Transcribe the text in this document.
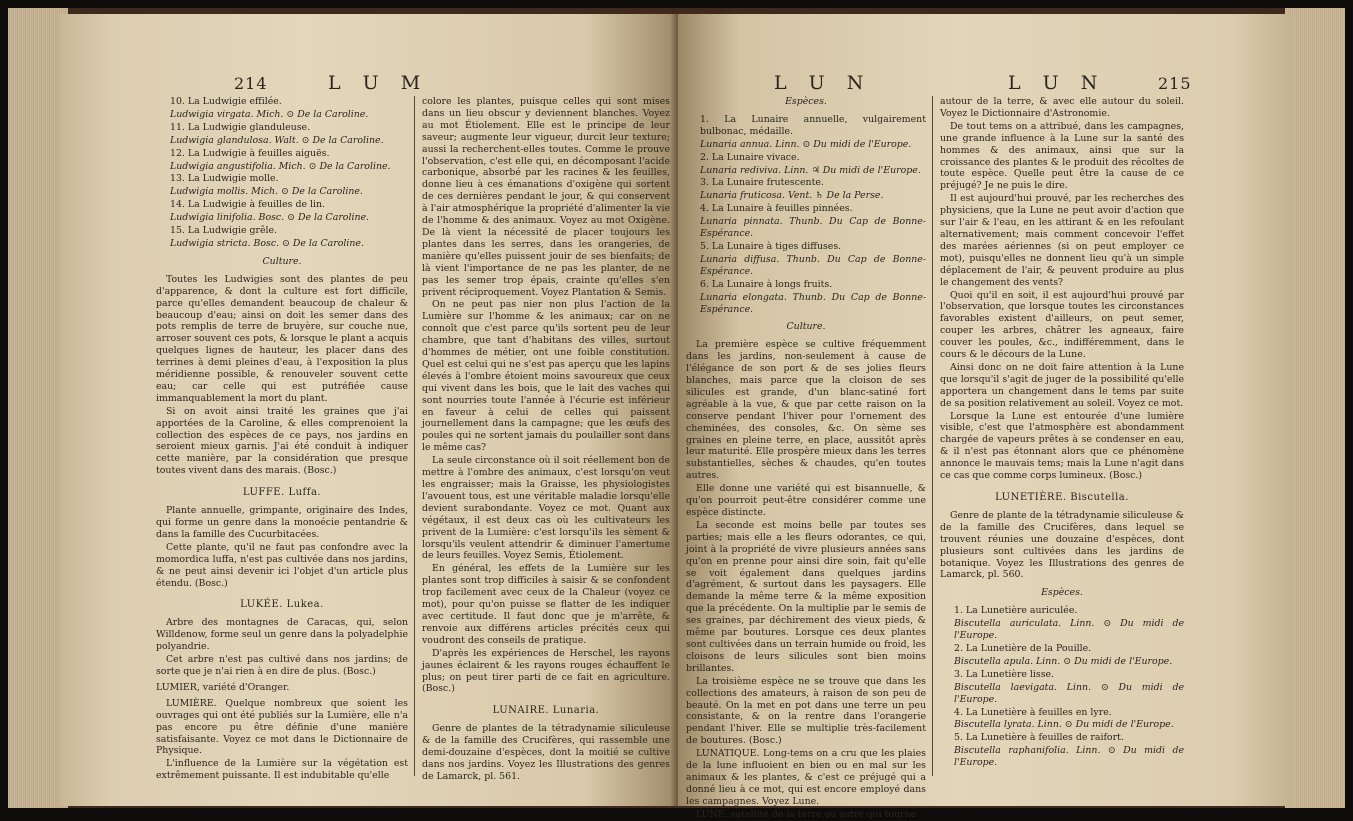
214	L U M

10. La Ludwigie effilée.

Ludwigia virgata. Mich. ⊙ De la Caroline.

11. La Ludwigie glanduleuse.

Ludwigia glandulosa. Walt. ⊙ De la Caroline.

12. La Ludwigie à feuilles aiguës.

Ludwigia angustifolia. Mich. ⊙ De la Caroline.

13. La Ludwigie molle.

Ludwigia mollis. Mich. ⊙ De la Caroline.

14. La Ludwigie à feuilles de lin.

Ludwigia linifolia. Bosc. ⊙ De la Caroline.

15. La Ludwigie grêle.

Ludwigia stricta. Bosc. ⊙ De la Caroline.

Culture.

Toutes les Ludwigies sont des plantes de peu d'apparence, & dont la culture est fort difficile, parce qu'elles demandent beaucoup de chaleur & beaucoup d'eau; ainsi on doit les semer dans des pots remplis de terre de bruyère, sur couche nue, arroser souvent ces pots, & lorsque le plant a acquis quelques lignes de hauteur, les placer dans des terrines à demi pleines d'eau, à l'exposition la plus méridienne possible, & renouveler souvent cette eau; car celle qui est putréfiée cause immanquablement la mort du plant.

Si on avoit ainsi traité les graines que j'ai apportées de la Caroline, & elles comprenoient la collection des espèces de ce pays, nos jardins en seroient mieux garnis. J'ai été conduit à indiquer cette manière, par la considération que presque toutes vivent dans des marais. (Bosc.)

LUFFE. Luffa.

Plante annuelle, grimpante, originaire des Indes, qui forme un genre dans la monoécie pentandrie & dans la famille des Cucurbitacées.

Cette plante, qu'il ne faut pas confondre avec la momordica luffa, n'est pas cultivée dans nos jardins, & ne peut ainsi devenir ici l'objet d'un article plus étendu. (Bosc.)

LUKÉE. Lukea.

Arbre des montagnes de Caracas, qui, selon Willdenow, forme seul un genre dans la polyadelphie polyandrie.

Cet arbre n'est pas cultivé dans nos jardins; de sorte que je n'ai rien à en dire de plus. (Bosc.)

LUMIER, variété d'Oranger.

LUMIÈRE. Quelque nombreux que soient les ouvrages qui ont été publiés sur la Lumière, elle n'a pas encore pu être définie d'une manière satisfaisante. Voyez ce mot dans le Dictionnaire de Physique.

L'influence de la Lumière sur la végétation est extrêmement puissante. Il est indubitable qu'elle

colore les plantes, puisque celles qui sont mises dans un lieu obscur y deviennent blanches. Voyez au mot Étiolement. Elle est le principe de leur saveur; augmente leur vigueur, durcit leur texture; aussi la recherchent-elles toutes. Comme le prouve l'observation, c'est elle qui, en décomposant l'acide carbonique, absorbé par les racines & les feuilles, donne lieu à ces émanations d'oxigène qui sortent de ces dernières pendant le jour, & qui conservent à l'air atmosphérique la propriété d'alimenter la vie de l'homme & des animaux. Voyez au mot Oxigène. De là vient la nécessité de placer toujours les plantes dans les serres, dans les orangeries, de manière qu'elles puissent jouir de ses bienfaits; de là vient l'importance de ne pas les planter, de ne pas les semer trop épais, crainte qu'elles s'en privent réciproquement. Voyez Plantation & Semis.

On ne peut pas nier non plus l'action de la Lumière sur l'homme & les animaux; car on ne connoît que c'est parce qu'ils sortent peu de leur chambre, que tant d'habitans des villes, surtout d'hommes de métier, ont une foible constitution. Quel est celui qui ne s'est pas aperçu que les lapins élevés à l'ombre étoient moins savoureux que ceux qui vivent dans les bois, que le lait des vaches qui sont nourries toute l'année à l'écurie est inférieur en faveur à celui de celles qui paissent journellement dans la campagne; que les œufs des poules qui ne sortent jamais du poulailler sont dans le même cas?

La seule circonstance où il soit réellement bon de mettre à l'ombre des animaux, c'est lorsqu'on veut les engraisser; mais la Graisse, les physiologistes l'avouent tous, est une véritable maladie lorsqu'elle devient surabondante. Voyez ce mot. Quant aux végétaux, il est deux cas où les cultivateurs les privent de la Lumière: c'est lorsqu'ils les sèment & lorsqu'ils veulent attendrir & diminuer l'amertume de leurs feuilles. Voyez Semis, Étiolement.

En général, les effets de la Lumière sur les plantes sont trop difficiles à saisir & se confondent trop facilement avec ceux de la Chaleur (voyez ce mot), pour qu'on puisse se flatter de les indiquer avec certitude. Il faut donc que je m'arrête, & renvoie aux différens articles précités ceux qui voudront des conseils de pratique.

D'après les expériences de Herschel, les rayons jaunes éclairent & les rayons rouges échauffent le plus; on peut tirer parti de ce fait en agriculture. (Bosc.)

LUNAIRE. Lunaria.

Genre de plantes de la tétradynamie siliculeuse & de la famille des Crucifères, qui rassemble une demi-douzaine d'espèces, dont la moitié se cultive dans nos jardins. Voyez les Illustrations des genres de Lamarck, pl. 561.

L U N	L U N	215

Espèces.

1. La Lunaire annuelle, vulgairement bulbonac, médaille.

Lunaria annua. Linn. ⊙ Du midi de l'Europe.

2. La Lunaire vivace.

Lunaria rediviva. Linn. ♃ Du midi de l'Europe.

3. La Lunaire frutescente.

Lunaria fruticosa. Vent. ♄ De la Perse.

4. La Lunaire à feuilles pinnées.

Lunaria pinnata. Thunb. Du Cap de Bonne-Espérance.

5. La Lunaire à tiges diffuses.

Lunaria diffusa. Thunb. Du Cap de Bonne-Espérance.

6. La Lunaire à longs fruits.

Lunaria elongata. Thunb. Du Cap de Bonne-Espérance.

Culture.

La première espèce se cultive fréquemment dans les jardins, non-seulement à cause de l'élégance de son port & de ses jolies fleurs blanches, mais parce que la cloison de ses silicules est grande, d'un blanc-satiné fort agréable à la vue, & que par cette raison on la conserve pendant l'hiver pour l'ornement des cheminées, des consoles, &c. On sème ses graines en pleine terre, en place, aussitôt après leur maturité. Elle prospère mieux dans les terres substantielles, sèches & chaudes, qu'en toutes autres.

Elle donne une variété qui est bisannuelle, & qu'on pourroit peut-être considérer comme une espèce distincte.

La seconde est moins belle par toutes ses parties; mais elle a les fleurs odorantes, ce qui, joint à la propriété de vivre plusieurs années sans qu'on en prenne pour ainsi dire soin, fait qu'elle se voit également dans quelques jardins d'agrément, & surtout dans les paysagers. Elle demande la même terre & la même exposition que la précédente. On la multiplie par le semis de ses graines, par déchirement des vieux pieds, & même par boutures. Lorsque ces deux plantes sont cultivées dans un terrain humide ou froid, les cloisons de leurs silicules sont bien moins brillantes.

La troisième espèce ne se trouve que dans les collections des amateurs, à raison de son peu de beauté. On la met en pot dans une terre un peu consistante, & on la rentre dans l'orangerie pendant l'hiver. Elle se multiplie très-facilement de boutures. (Bosc.)

LUNATIQUE. Long-tems on a cru que les plaies de la lune influoient en bien ou en mal sur les animaux & les plantes, & c'est ce préjugé qui a donné lieu à ce mot, qui est encore employé dans les campagnes. Voyez Lune.

LUNE: satellite de la terre ou astre qui tourne

autour de la terre, & avec elle autour du soleil. Voyez le Dictionnaire d'Astronomie.

De tout tems on a attribué, dans les campagnes, une grande influence à la Lune sur la santé des hommes & des animaux, ainsi que sur la croissance des plantes & le produit des récoltes de toute espèce. Quelle peut être la cause de ce préjugé? Je ne puis le dire.

Il est aujourd'hui prouvé, par les recherches des physiciens, que la Lune ne peut avoir d'action que sur l'air & l'eau, en les attirant & en les refoulant alternativement; mais comment concevoir l'effet des marées aériennes (si on peut employer ce mot), puisqu'elles ne donnent lieu qu'à un simple déplacement de l'air, & peuvent produire au plus le changement des vents?

Quoi qu'il en soit, il est aujourd'hui prouvé par l'observation, que lorsque toutes les circonstances favorables existent d'ailleurs, on peut semer, couper les arbres, châtrer les agneaux, faire couver les poules, &c., indifféremment, dans le cours & le décours de la Lune.

Ainsi donc on ne doit faire attention à la Lune que lorsqu'il s'agit de juger de la possibilité qu'elle apportera un changement dans le tems par suite de sa position relativement au soleil. Voyez ce mot.

Lorsque la Lune est entourée d'une lumière visible, c'est que l'atmosphère est abondamment chargée de vapeurs prêtes à se condenser en eau, & il n'est pas étonnant alors que ce phénomène annonce le mauvais tems; mais la Lune n'agit dans ce cas que comme corps lumineux. (Bosc.)

LUNETIÈRE. Biscutella.

Genre de plante de la tétradynamie siliculeuse & de la famille des Crucifères, dans lequel se trouvent réunies une douzaine d'espèces, dont plusieurs sont cultivées dans les jardins de botanique. Voyez les Illustrations des genres de Lamarck, pl. 560.

Espèces.

1. La Lunetière auriculée.

Biscutella auriculata. Linn. ⊙ Du midi de l'Europe.

2. La Lunetière de la Pouille.

Biscutella apula. Linn. ⊙ Du midi de l'Europe.

3. La Lunetière lisse.

Biscutella laevigata. Linn. ⊙ Du midi de l'Europe.

4. La Lunetière à feuilles en lyre.

Biscutella lyrata. Linn. ⊙ Du midi de l'Europe.

5. La Lunetière à feuilles de raifort.

Biscutella raphanifolia. Linn. ⊙ Du midi de l'Europe.
